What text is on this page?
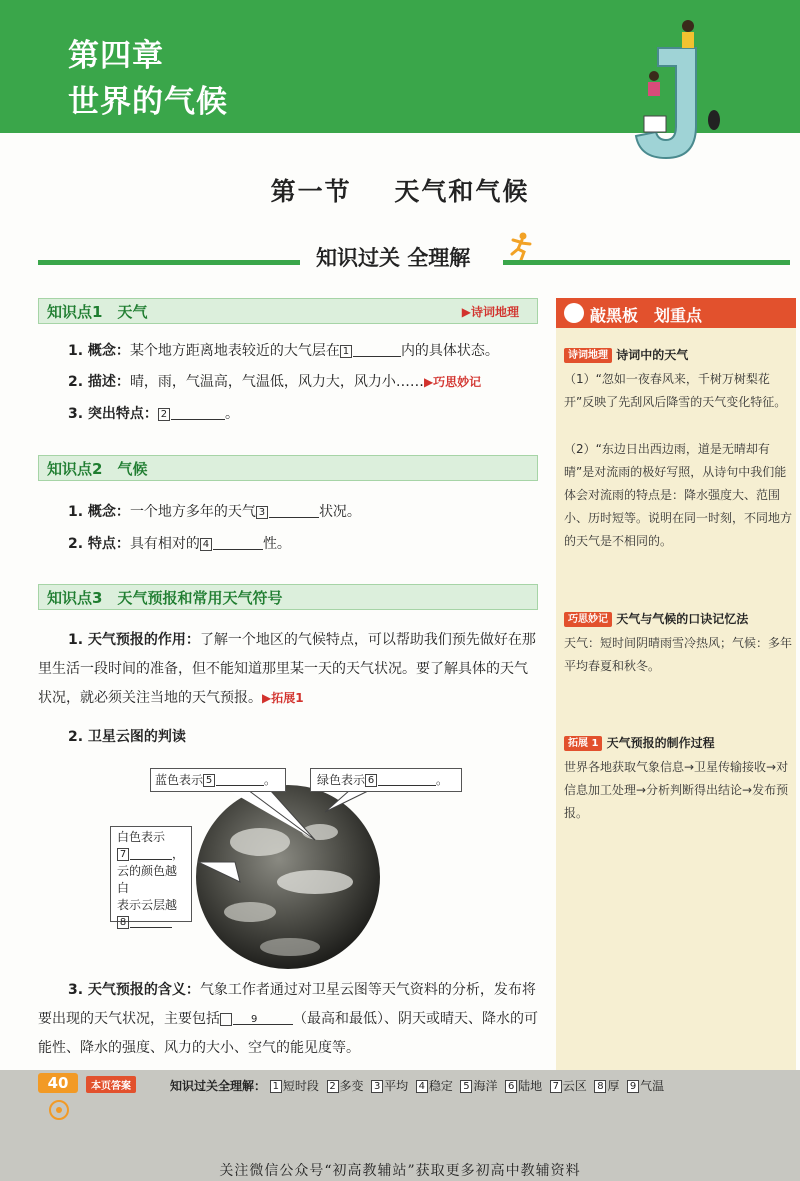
第四章
世界的气候
第一节 天气和气候
知识过关 全理解
知识点1　天气	▶诗词地理
1. 概念：某个地方距离地表较近的大气层在 1	内的具体状态。
2. 描述：晴，雨，气温高，气温低，风力大，风力小……▶巧思妙记
3. 突出特点： 2	。
知识点2　气候
1. 概念：一个地方多年的天气 3	状况。
2. 特点：具有相对的 4	性。
知识点3　天气预报和常用天气符号
1. 天气预报的作用：了解一个地区的气候特点，可以帮助我们预先做好在那里生活一段时间的准备，但不能知道那里某一天的天气状况。要了解具体的天气状况，就必须关注当地的天气预报。▶拓展1
2. 卫星云图的判读
蓝色表示 5	。	绿色表示 6	。
白色表示
7	，
云的颜色越白
表示云层越
8
3. 天气预报的含义：气象工作者通过对卫星云图等天气资料的分析，发布将要出现的天气状况，主要包括	9	（最高和最低）、阴天或晴天、降水的可能性、降水的强度、风力的大小、空气的能见度等。
敲黑板　划重点
诗词地理 诗词中的天气
（1）“忽如一夜春风来，千树万树梨花开”反映了先刮风后降雪的天气变化特征。
（2）“东边日出西边雨，道是无晴却有晴”是对流雨的极好写照，从诗句中我们能体会对流雨的特点是：降水强度大、范围小、历时短等。说明在同一时刻，不同地方的天气是不相同的。
巧思妙记 天气与气候的口诀记忆法
天气：短时间阴晴雨雪冷热风；气候：多年平均春夏和秋冬。
拓展 1 天气预报的制作过程
世界各地获取气象信息→卫星传输接收→对信息加工处理→分析判断得出结论→发布预报。
40	本页答案	知识过关全理解： 1 短时段 2 多变 3 平均 4 稳定 5 海洋 6 陆地 7 云区 8 厚 9 气温
关注微信公众号“初高教辅站”获取更多初高中教辅资料
